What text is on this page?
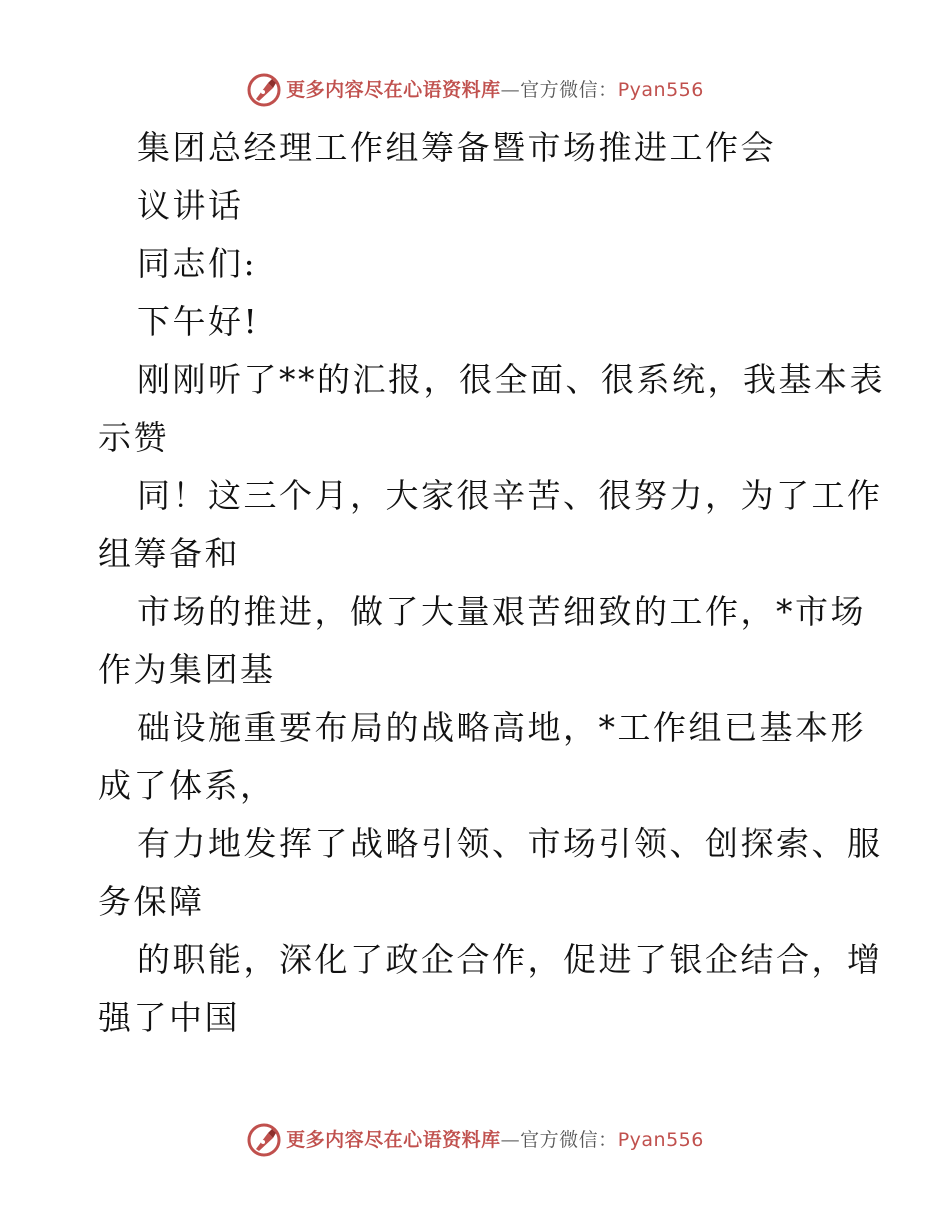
更多内容尽在心语资料库—官方微信：Pyan556
集团总经理工作组筹备暨市场推进工作会
议讲话
同志们:
下午好!
刚刚听了**的汇报，很全面、很系统，我基本表
示赞
同！这三个月，大家很辛苦、很努力，为了工作
组筹备和
市场的推进，做了大量艰苦细致的工作，*市场
作为集团基
础设施重要布局的战略高地，*工作组已基本形
成了体系，
有力地发挥了战略引领、市场引领、创探索、服
务保障
的职能，深化了政企合作，促进了银企结合，增
强了中国
更多内容尽在心语资料库—官方微信：Pyan556
